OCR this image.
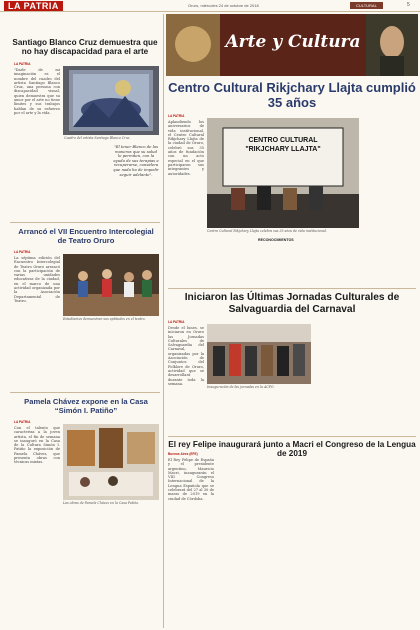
LA PATRIA	Oruro, miércoles 24 de octubre de 2018	CULTURAL	5
Santiago Blanco Cruz demuestra que no hay discapacidad para el arte
LA PATRIA
"Darle de mi imaginación es el nombre del cuadro del artista Santiago Blanco Cruz, una persona con discapacidad visual, quien demuestra que su amor por el arte no tiene límites y sus trabajos hablan de su esfuerzo por el arte y la vida.
Cuadro del artista Santiago Blanco Cruz.
"El tener Blanco de las maneras que su salud lo permiten, con la ayuda de sus terapias a recuperarse, considera que nada ha de impedir seguir adelante".
Arrancó el VII Encuentro Intercolegial de Teatro Oruro
LA PATRIA
La séptima edición del Encuentro Intercolegial de Teatro Oruro arrancó con la participación de varias unidades educativas de la ciudad, en el marco de una actividad organizada por la Asociación Departamental de Teatro.
Estudiantes demuestran sus aptitudes en el teatro.
Pamela Chávez expone en la Casa “Simón I. Patiño”
LA PATRIA
Con el talento que caracteriza a la joven artista, el fin de semana se inauguró en la Casa de la Cultura Simón I. Patiño la exposición de Pamela Chávez, que presenta obras con técnicas mixtas.
Las obras de Pamela Chávez en la Casa Patiño.
Arte y Cultura
Centro Cultural Rikjchary Llajta cumplió 35 años
LA PATRIA
Aplaudiendo los aniversarios de vida institucional, el Centro Cultural Rikjchary Llajta de la ciudad de Oruro, celebró sus 35 años de fundación con un acto especial en el que participaron sus integrantes y autoridades.
CENTRO CULTURAL "RIKJCHARY LLAJTA"
Centro Cultural Rikjchary Llajta celebra sus 35 años de vida institucional.
RECONOCIMIENTOS
Iniciaron las Últimas Jornadas Culturales de Salvaguardia del Carnaval
LA PATRIA
Desde el lunes, se iniciaron en Oruro las Jornadas Culturales de Salvaguardia del Carnaval, organizadas por la Asociación de Conjuntos del Folklore de Oruro, actividad que se desarrollará durante toda la semana.
Inauguración de las jornadas en la ACFO.
El rey Felipe inaugurará junto a Macri el Congreso de la Lengua de 2019
Buenos Aires (EFE)
El Rey Felipe de España y el presidente argentino, Mauricio Macri, inaugurarán el VIII Congreso Internacional de la Lengua Española que se celebrará del 27 al 30 de marzo de 2019 en la ciudad de Córdoba.
